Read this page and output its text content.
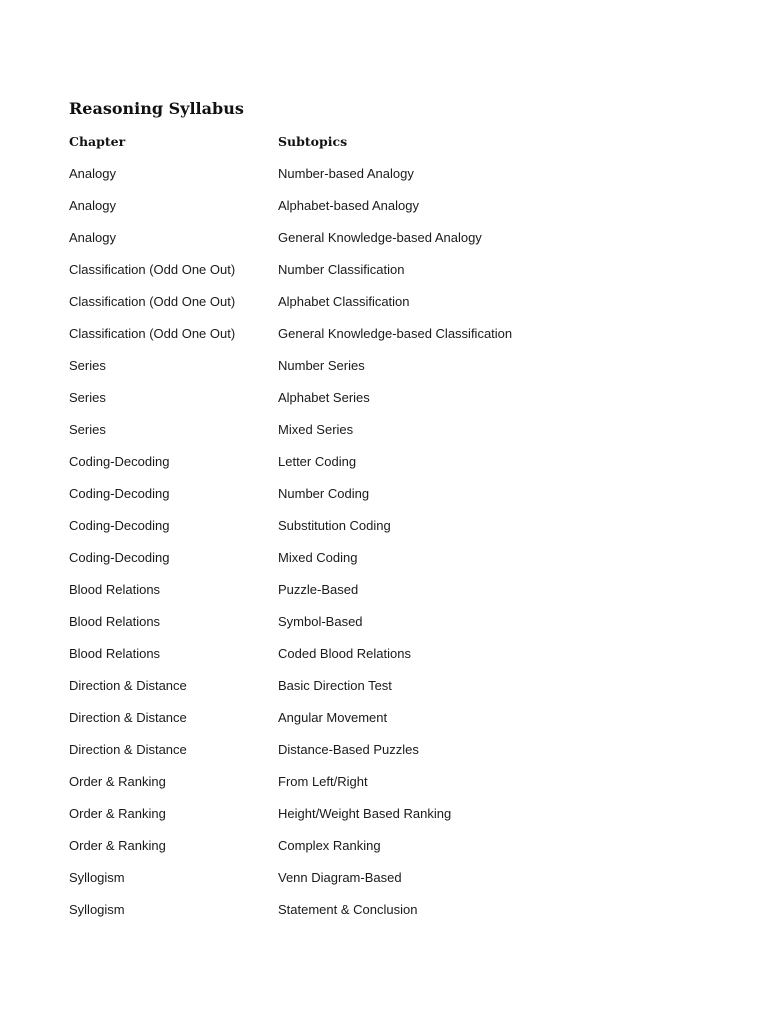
Reasoning Syllabus
Chapter	Subtopics
Analogy	Number-based Analogy
Analogy	Alphabet-based Analogy
Analogy	General Knowledge-based Analogy
Classification (Odd One Out)	Number Classification
Classification (Odd One Out)	Alphabet Classification
Classification (Odd One Out)	General Knowledge-based Classification
Series	Number Series
Series	Alphabet Series
Series	Mixed Series
Coding-Decoding	Letter Coding
Coding-Decoding	Number Coding
Coding-Decoding	Substitution Coding
Coding-Decoding	Mixed Coding
Blood Relations	Puzzle-Based
Blood Relations	Symbol-Based
Blood Relations	Coded Blood Relations
Direction & Distance	Basic Direction Test
Direction & Distance	Angular Movement
Direction & Distance	Distance-Based Puzzles
Order & Ranking	From Left/Right
Order & Ranking	Height/Weight Based Ranking
Order & Ranking	Complex Ranking
Syllogism	Venn Diagram-Based
Syllogism	Statement & Conclusion
